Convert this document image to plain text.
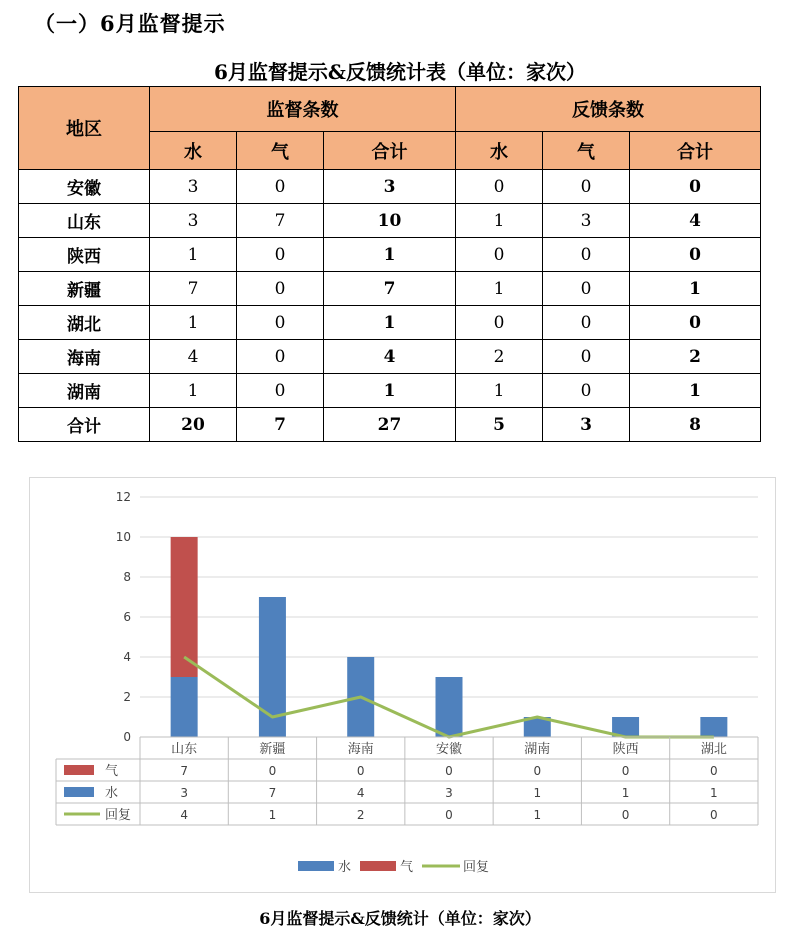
（一）6月监督提示
6月监督提示&反馈统计表（单位：家次）
地区	监督条数			反馈条数		
	水	气	合计	水	气	合计
安徽	3	0	3	0	0	0
山东	3	7	10	1	3	4
陕西	1	0	1	0	0	0
新疆	7	0	7	1	0	1
湖北	1	0	1	0	0	0
海南	4	0	4	2	0	2
湖南	1	0	1	1	0	1
合计	20	7	27	5	3	8
0
2
4
6
8
10
12
山东	新疆	海南	安徽	湖南	陕西	湖北
气	7	0	0	0	0	0	0
水	3	7	4	3	1	1	1
回复	4	1	2	0	1	0	0
水	气	回复
6月监督提示&反馈统计（单位：家次）
